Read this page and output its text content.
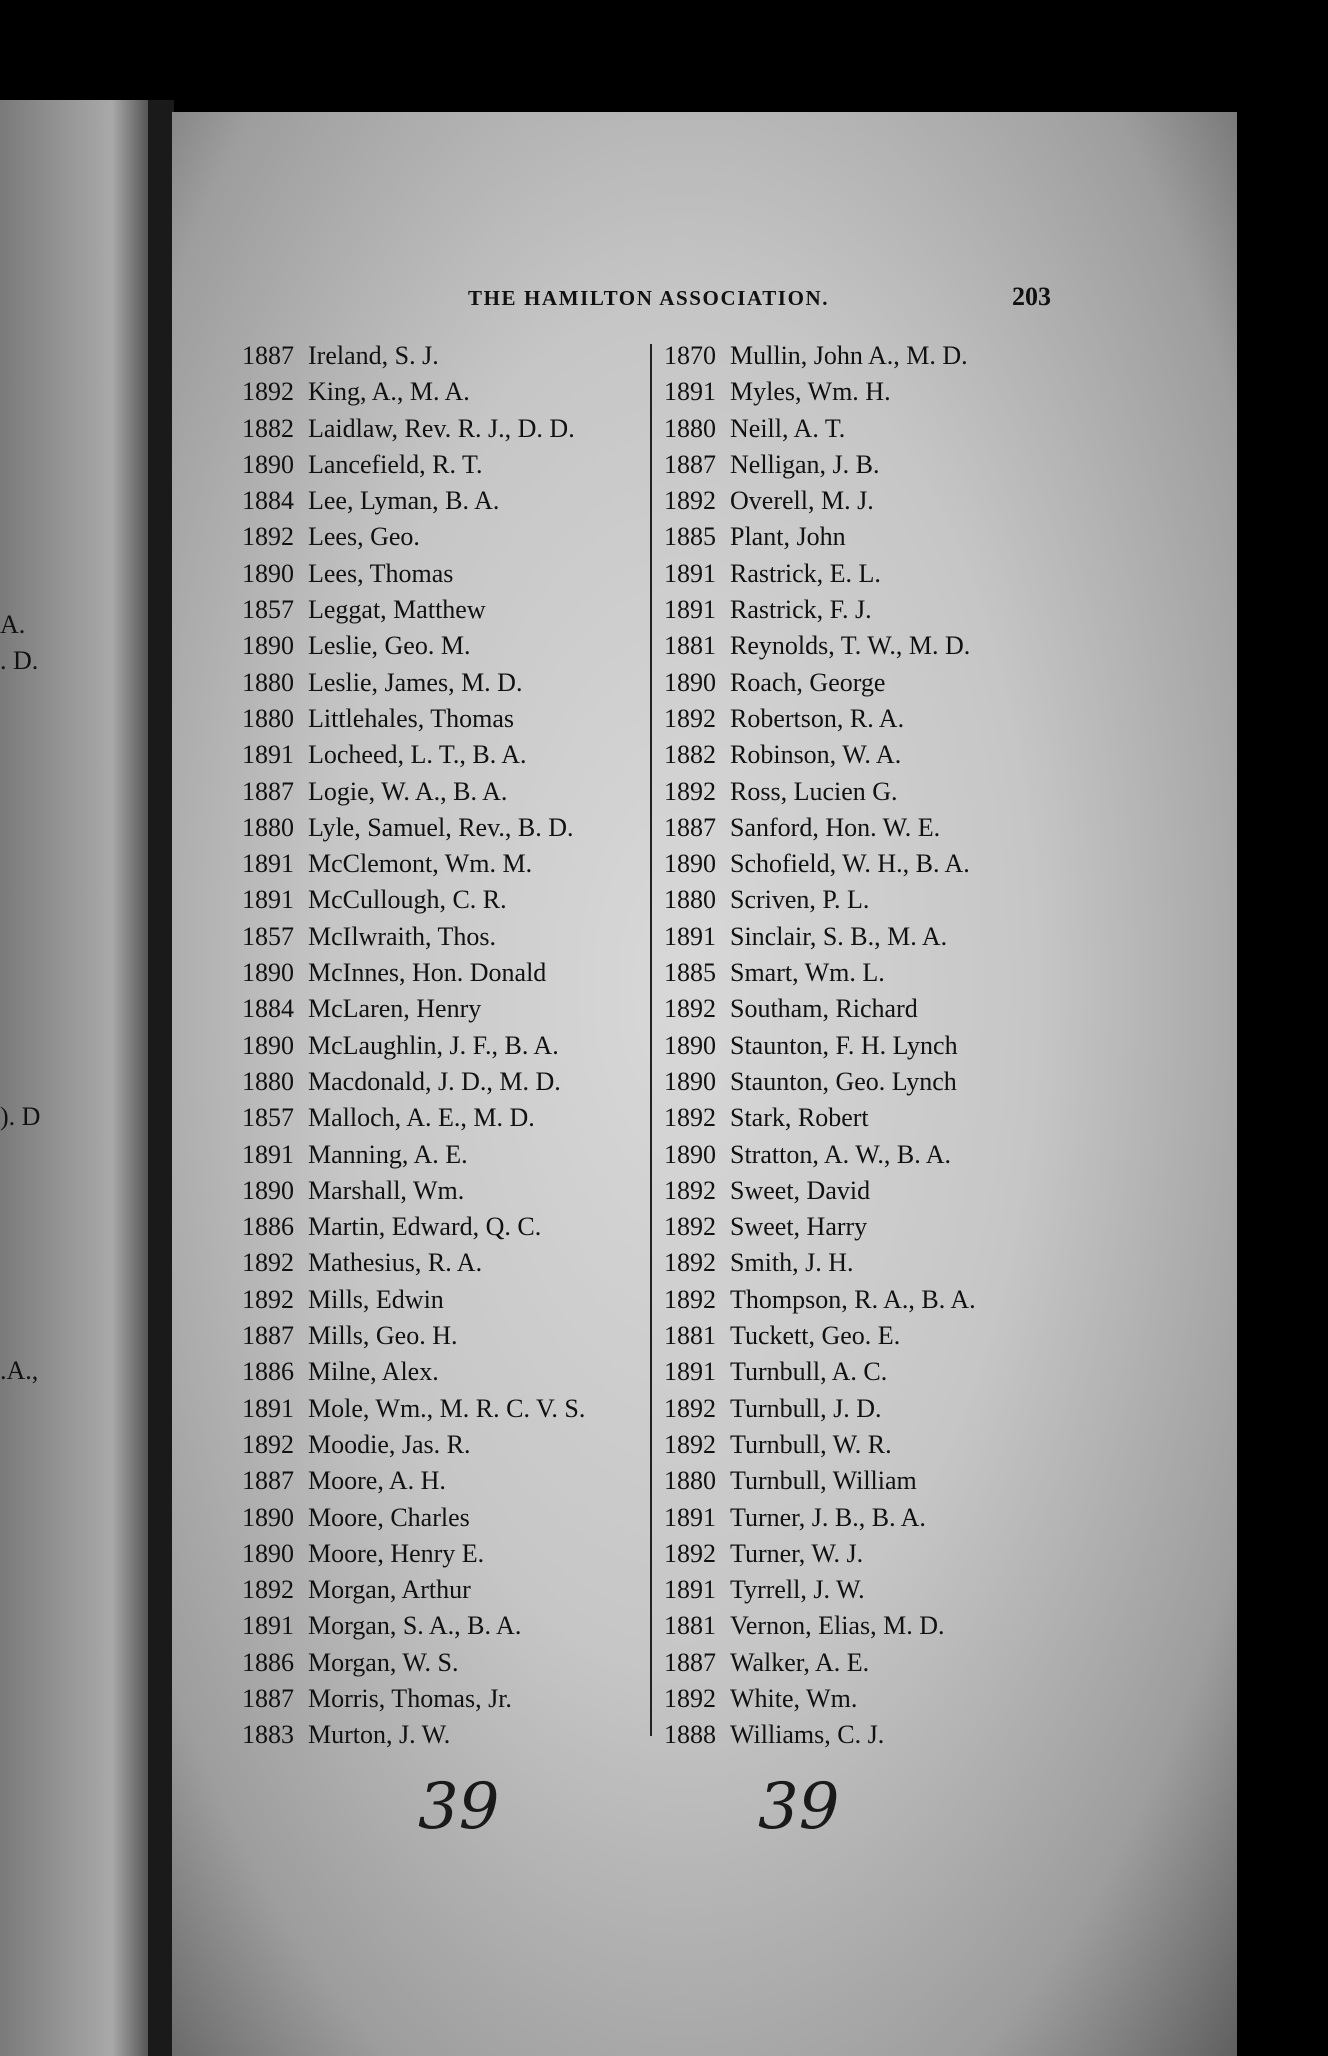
A.
. D.
). D
.A.,
THE HAMILTON ASSOCIATION.	203
1887 Ireland, S. J.
1892 King, A., M. A.
1882 Laidlaw, Rev. R. J., D. D.
1890 Lancefield, R. T.
1884 Lee, Lyman, B. A.
1892 Lees, Geo.
1890 Lees, Thomas
1857 Leggat, Matthew
1890 Leslie, Geo. M.
1880 Leslie, James, M. D.
1880 Littlehales, Thomas
1891 Locheed, L. T., B. A.
1887 Logie, W. A., B. A.
1880 Lyle, Samuel, Rev., B. D.
1891 McClemont, Wm. M.
1891 McCullough, C. R.
1857 McIlwraith, Thos.
1890 McInnes, Hon. Donald
1884 McLaren, Henry
1890 McLaughlin, J. F., B. A.
1880 Macdonald, J. D., M. D.
1857 Malloch, A. E., M. D.
1891 Manning, A. E.
1890 Marshall, Wm.
1886 Martin, Edward, Q. C.
1892 Mathesius, R. A.
1892 Mills, Edwin
1887 Mills, Geo. H.
1886 Milne, Alex.
1891 Mole, Wm., M. R. C. V. S.
1892 Moodie, Jas. R.
1887 Moore, A. H.
1890 Moore, Charles
1890 Moore, Henry E.
1892 Morgan, Arthur
1891 Morgan, S. A., B. A.
1886 Morgan, W. S.
1887 Morris, Thomas, Jr.
1883 Murton, J. W.
1870 Mullin, John A., M. D.
1891 Myles, Wm. H.
1880 Neill, A. T.
1887 Nelligan, J. B.
1892 Overell, M. J.
1885 Plant, John
1891 Rastrick, E. L.
1891 Rastrick, F. J.
1881 Reynolds, T. W., M. D.
1890 Roach, George
1892 Robertson, R. A.
1882 Robinson, W. A.
1892 Ross, Lucien G.
1887 Sanford, Hon. W. E.
1890 Schofield, W. H., B. A.
1880 Scriven, P. L.
1891 Sinclair, S. B., M. A.
1885 Smart, Wm. L.
1892 Southam, Richard
1890 Staunton, F. H. Lynch
1890 Staunton, Geo. Lynch
1892 Stark, Robert
1890 Stratton, A. W., B. A.
1892 Sweet, David
1892 Sweet, Harry
1892 Smith, J. H.
1892 Thompson, R. A., B. A.
1881 Tuckett, Geo. E.
1891 Turnbull, A. C.
1892 Turnbull, J. D.
1892 Turnbull, W. R.
1880 Turnbull, William
1891 Turner, J. B., B. A.
1892 Turner, W. J.
1891 Tyrrell, J. W.
1881 Vernon, Elias, M. D.
1887 Walker, A. E.
1892 White, Wm.
1888 Williams, C. J.
39	39
